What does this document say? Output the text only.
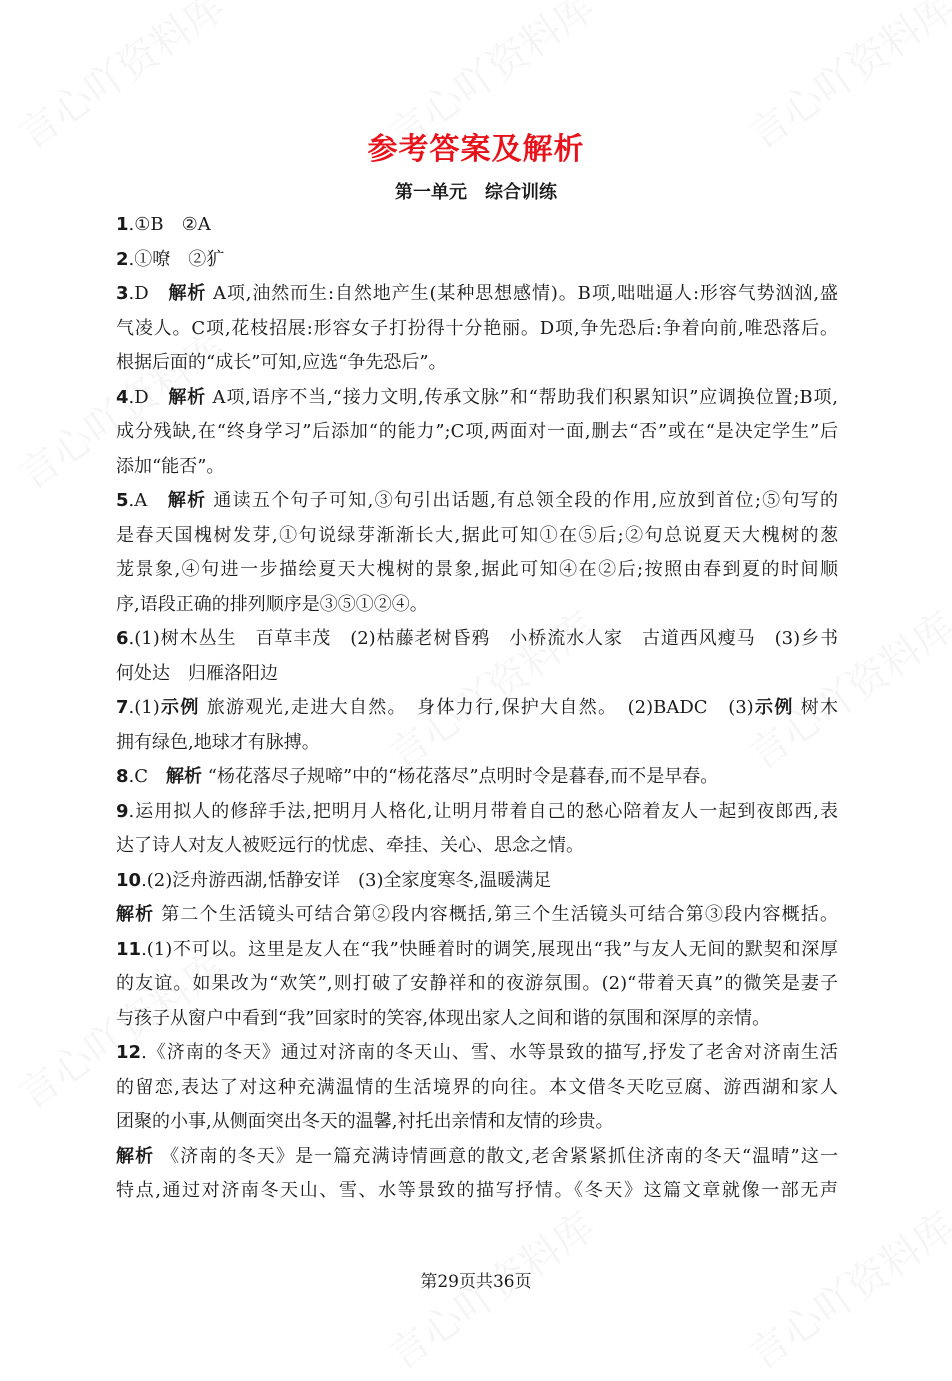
参考答案及解析
第一单元　综合训练
1.①B　②A
2.①嘹　②犷
3.D　解析 A项,油然而生:自然地产生(某种思想感情)。B项,咄咄逼人:形容气势汹汹,盛
气凌人。C项,花枝招展:形容女子打扮得十分艳丽。D项,争先恐后:争着向前,唯恐落后。
根据后面的“成长”可知,应选“争先恐后”。
4.D　解析 A项,语序不当,“接力文明,传承文脉”和“帮助我们积累知识”应调换位置;B项,
成分残缺,在“终身学习”后添加“的能力”;C项,两面对一面,删去“否”或在“是决定学生”后
添加“能否”。
5.A　解析 通读五个句子可知,③句引出话题,有总领全段的作用,应放到首位;⑤句写的
是春天国槐树发芽,①句说绿芽渐渐长大,据此可知①在⑤后;②句总说夏天大槐树的葱
茏景象,④句进一步描绘夏天大槐树的景象,据此可知④在②后;按照由春到夏的时间顺
序,语段正确的排列顺序是③⑤①②④。
6.(1)树木丛生　百草丰茂　(2)枯藤老树昏鸦　小桥流水人家　古道西风瘦马　(3)乡书
何处达　归雁洛阳边
7.(1)示例 旅游观光,走进大自然。　身体力行,保护大自然。　(2)BADC　(3)示例 树木
拥有绿色,地球才有脉搏。
8.C　解析 “杨花落尽子规啼”中的“杨花落尽”点明时令是暮春,而不是早春。
9.运用拟人的修辞手法,把明月人格化,让明月带着自己的愁心陪着友人一起到夜郎西,表
达了诗人对友人被贬远行的忧虑、牵挂、关心、思念之情。
10.(2)泛舟游西湖,恬静安详　(3)全家度寒冬,温暖满足
解析 第二个生活镜头可结合第②段内容概括,第三个生活镜头可结合第③段内容概括。
11.(1)不可以。这里是友人在“我”快睡着时的调笑,展现出“我”与友人无间的默契和深厚
的友谊。如果改为“欢笑”,则打破了安静祥和的夜游氛围。(2)“带着天真”的微笑是妻子
与孩子从窗户中看到“我”回家时的笑容,体现出家人之间和谐的氛围和深厚的亲情。
12.《济南的冬天》通过对济南的冬天山、雪、水等景致的描写,抒发了老舍对济南生活
的留恋,表达了对这种充满温情的生活境界的向往。本文借冬天吃豆腐、游西湖和家人
团聚的小事,从侧面突出冬天的温馨,衬托出亲情和友情的珍贵。
解析 《济南的冬天》是一篇充满诗情画意的散文,老舍紧紧抓住济南的冬天“温晴”这一
特点,通过对济南冬天山、雪、水等景致的描写抒情。《冬天》这篇文章就像一部无声
第29页共36页
